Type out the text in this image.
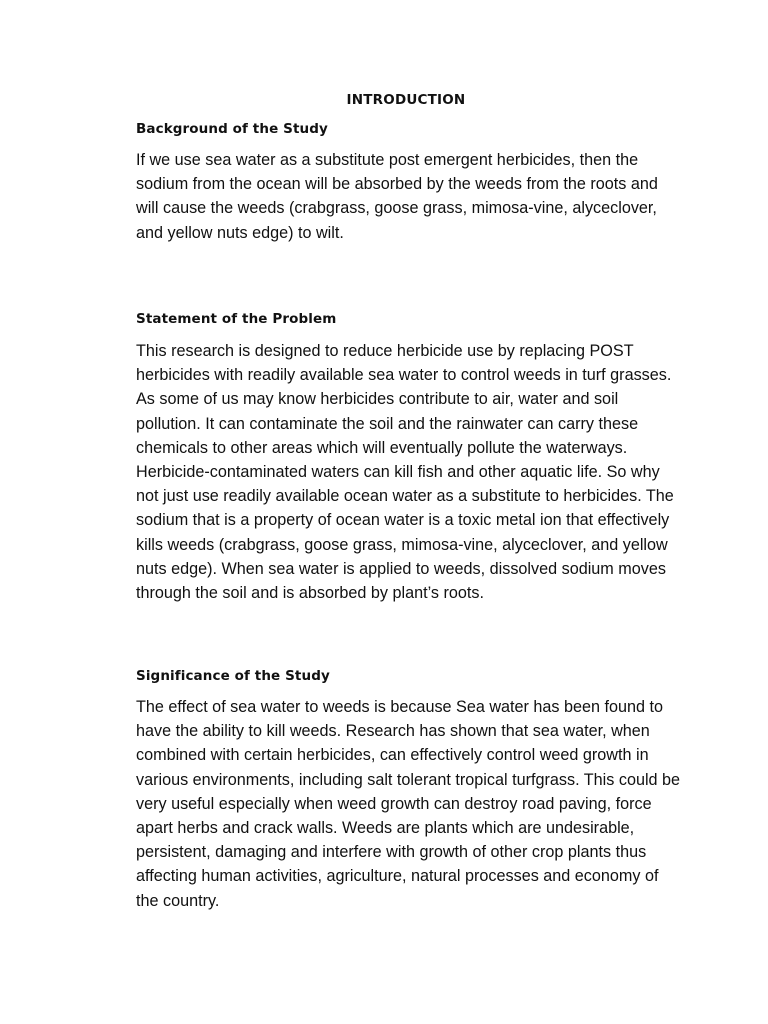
INTRODUCTION
Background of the Study

If we use sea water as a substitute post emergent herbicides, then the sodium from the ocean will be absorbed by the weeds from the roots and will cause the weeds (crabgrass, goose grass, mimosa-vine, alyceclover, and yellow nuts edge) to wilt.

Statement of the Problem

This research is designed to reduce herbicide use by replacing POST herbicides with readily available sea water to control weeds in turf grasses. As some of us may know herbicides contribute to air, water and soil pollution. It can contaminate the soil and the rainwater can carry these chemicals to other areas which will eventually pollute the waterways. Herbicide-contaminated waters can kill fish and other aquatic life. So why not just use readily available ocean water as a substitute to herbicides. The sodium that is a property of ocean water is a toxic metal ion that effectively kills weeds (crabgrass, goose grass, mimosa-vine, alyceclover, and yellow nuts edge). When sea water is applied to weeds, dissolved sodium moves through the soil and is absorbed by plant’s roots.

Significance of the Study

The effect of sea water to weeds is because Sea water has been found to have the ability to kill weeds. Research has shown that sea water, when combined with certain herbicides, can effectively control weed growth in various environments, including salt tolerant tropical turfgrass. This could be very useful especially when weed growth can destroy road paving, force apart herbs and crack walls. Weeds are plants which are undesirable, persistent, damaging and interfere with growth of other crop plants thus affecting human activities, agriculture, natural processes and economy of the country.
